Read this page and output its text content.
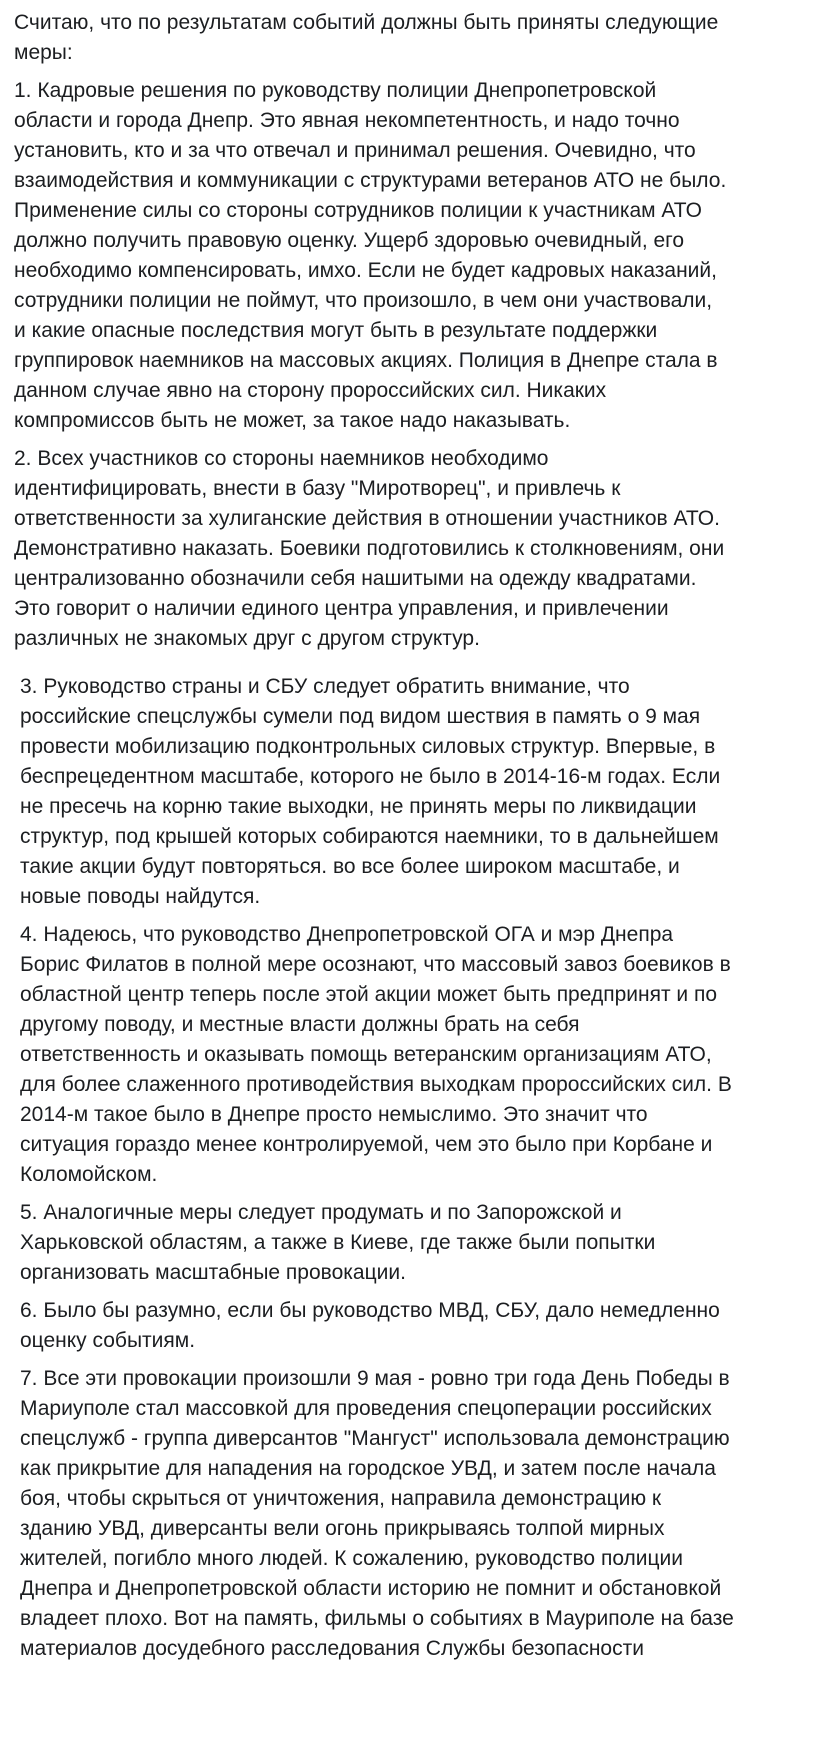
Считаю, что по результатам событий должны быть приняты следующие
меры:

1. Кадровые решения по руководству полиции Днепропетровской
области и города Днепр. Это явная некомпетентность, и надо точно
установить, кто и за что отвечал и принимал решения. Очевидно, что
взаимодействия и коммуникации с структурами ветеранов АТО не было.
Применение силы со стороны сотрудников полиции к участникам АТО
должно получить правовую оценку. Ущерб здоровью очевидный, его
необходимо компенсировать, имхо. Если не будет кадровых наказаний,
сотрудники полиции не поймут, что произошло, в чем они участвовали,
и какие опасные последствия могут быть в результате поддержки
группировок наемников на массовых акциях. Полиция в Днепре стала в
данном случае явно на сторону пророссийских сил. Никаких
компромиссов быть не может, за такое надо наказывать.

2. Всех участников со стороны наемников необходимо
идентифицировать, внести в базу "Миротворец", и привлечь к
ответственности за хулиганские действия в отношении участников АТО.
Демонстративно наказать. Боевики подготовились к столкновениям, они
централизованно обозначили себя нашитыми на одежду квадратами.
Это говорит о наличии единого центра управления, и привлечении
различных не знакомых друг с другом структур.

3. Руководство страны и СБУ следует обратить внимание, что
российские спецслужбы сумели под видом шествия в память о 9 мая
провести мобилизацию подконтрольных силовых структур. Впервые, в
беспрецедентном масштабе, которого не было в 2014-16-м годах. Если
не пресечь на корню такие выходки, не принять меры по ликвидации
структур, под крышей которых собираются наемники, то в дальнейшем
такие акции будут повторяться. во все более широком масштабе, и
новые поводы найдутся.

4. Надеюсь, что руководство Днепропетровской ОГА и мэр Днепра
Борис Филатов в полной мере осознают, что массовый завоз боевиков в
областной центр теперь после этой акции может быть предпринят и по
другому поводу, и местные власти должны брать на себя
ответственность и оказывать помощь ветеранским организациям АТО,
для более слаженного противодействия выходкам пророссийских сил. В
2014-м такое было в Днепре просто немыслимо. Это значит что
ситуация гораздо менее контролируемой, чем это было при Корбане и
Коломойском.

5. Аналогичные меры следует продумать и по Запорожской и
Харьковской областям, а также в Киеве, где также были попытки
организовать масштабные провокации.

6. Было бы разумно, если бы руководство МВД, СБУ, дало немедленно
оценку событиям.

7. Все эти провокации произошли 9 мая - ровно три года День Победы в
Мариуполе стал массовкой для проведения спецоперации российских
спецслужб - группа диверсантов "Мангуст" использовала демонстрацию
как прикрытие для нападения на городское УВД, и затем после начала
боя, чтобы скрыться от уничтожения, направила демонстрацию к
зданию УВД, диверсанты вели огонь прикрываясь толпой мирных
жителей, погибло много людей. К сожалению, руководство полиции
Днепра и Днепропетровской области историю не помнит и обстановкой
владеет плохо. Вот на память, фильмы о событиях в Мауриполе на базе
материалов досудебного расследования Службы безопасности
